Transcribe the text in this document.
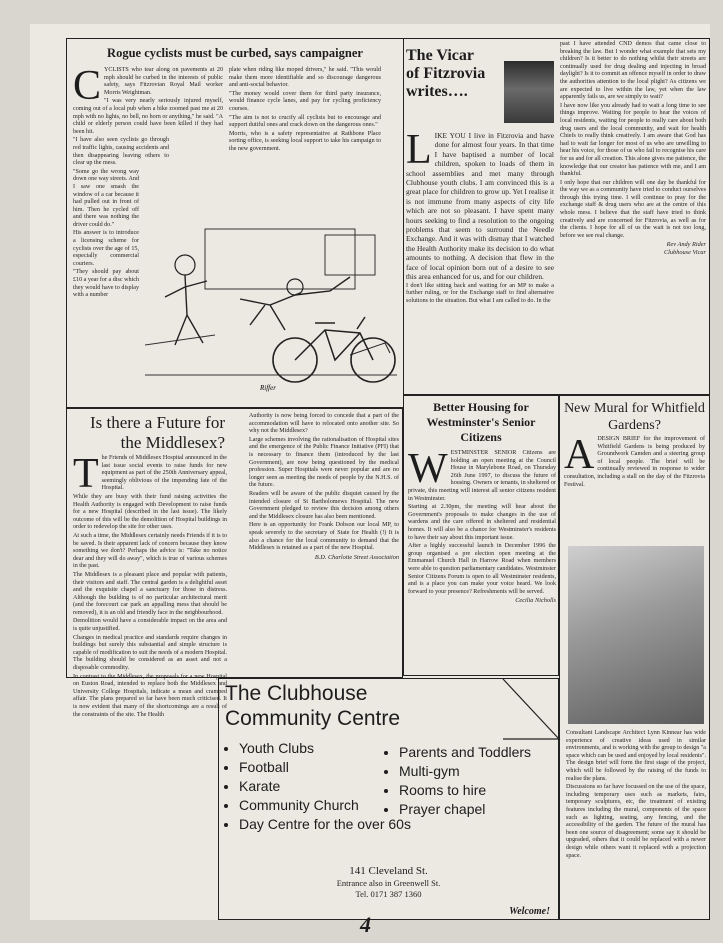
Rogue cyclists must be curbed, says campaigner
C YCLISTS who tear along on pavements at 20 mph should be curbed in the interests of public safety, says Fitzrovian Royal Mail worker Morris Weightman.

"I was very nearly seriously injured myself, coming out of a local pub when a bike zoomed past me at 20 mph with no lights, no bell, no horn or anything," he said. "A child or elderly person could have been killed if they had been hit.

"I have also seen cyclists go through red traffic lights, causing accidents and then disappearing leaving others to clear up the mess.

"Some go the wrong way down one way streets. And I saw one smash the window of a car because it had pulled out in front of him. Then he cycled off and there was nothing the driver could do."

His answer is to introduce a licensing scheme for cyclists over the age of 15, especially commercial couriers.

"They should pay about £10 a year for a disc which they would have to display with a number

plate when riding like moped drivers," he said. "This would make them more identifiable and so discourage dangerous and anti-social behavior.

"The money would cover them for third party insurance, would finance cycle lanes, and pay for cycling proficiency courses.

"The aim is not to crucify all cyclists but to encourage and support dutiful ones and crack down on the dangerous ones."

Morris, who is a safety representative at Rathbone Place sorting office, is seeking local support to take his campaign to the new government.

Riffer
The Vicar
of Fitzrovia
writes….
L IKE YOU I live in Fitzrovia and have done for almost four years. In that time I have baptised a number of local children, spoken to loads of them in school assemblies and met many through Clubhouse youth clubs. I am convinced this is a great place for children to grow up. Yet I realise it is not immune from many aspects of city life which are not so pleasant. I have spent many hours seeking to find a resolution to the ongoing problems that seem to surround the Needle Exchange. And it was with dismay that I watched the Health Authority make its decision to do what amounts to nothing. A decision that flew in the face of local opinion born out of a desire to see this area enhanced for us, and for our children.

I don't like sitting back and waiting for an MP to make a further ruling, or for the Exchange staff to find alternative solutions to the situation. But what I am called to do. In the

past I have attended CND demos that came close to breaking the law. But I wonder what example that sets my children? Is it better to do nothing whilst their streets are continually used for drug dealing and injecting in broad daylight? Is it to commit an offence myself in order to draw the authorities attention to the local plight? As citizens we are expected to live within the law, yet when the law apparently fails us, are we simply to wait?

I have now like you already had to wait a long time to see things improve. Waiting for people to hear the voices of local residents, waiting for people to really care about both drug users and the local community, and wait for health Chiefs to really think creatively. I am aware that God has had to wait far longer for most of us who are unwilling to hear his voice, for those of us who fail to recognise his care for us and for all creation. This alone gives me patience, the knowledge that our creator has patience with me, and I am thankful.

I only hope that our children will one day be thankful for the way we as a community have tried to conduct ourselves through this trying time. I will continue to pray for the exchange staff & drug users who are at the centre of this whole mess. I believe that the staff have tried to think creatively and are concerned for Fitzrovia, as well as for the clients. I hope for all of us the wait is not too long, before we see real change.

Rev Andy Rider

Clubhouse Vicar

Is there a Future for the Middlesex?
T he Friends of Middlesex Hospital announced in the last issue social events to raise funds for new equipment as part of the 250th Anniversary appeal, seemingly oblivious of the impending fate of the Hospital.

While they are busy with their fund raising activities the Health Authority is engaged with Development to raise funds for a new Hospital (described in the last issue). The likely outcome of this will be the demolition of Hospital buildings in order to redevelop the site for other uses.

At such a time, the Middlesex certainly needs Friends if it is to be saved. Is their apparent lack of concern because they know something we don't? Perhaps the advice is: "Take no notice dear and they will do away", which is true of various schemes in the past.

The Middlesex is a pleasant place and popular with patients, their visitors and staff. The central garden is a delightful asset and the exquisite chapel a sanctuary for those in distress. Although the building is of no particular architectural merit (and the forecourt car park an appalling mess that should be removed), it is an old and friendly face in the neighbourhood.

Demolition would have a considerable impact on the area and is quite unjustified.

Changes in medical practice and standards require changes in buildings but surely this substantial and simple structure is capable of modification to suit the needs of a modern Hospital. The building should be considered as an asset and not a disposable commodity.

In contrast to the Middlesex, the proposals for a new Hospital on Euston Road, intended to replace both the Middlesex and University College Hospitals, indicate a mean and cramped affair. The plans prepared so far have been much criticised. It is now evident that many of the shortcomings are a result of the constraints of the site. The Health

Authority is now being forced to concede that a part of the accommodation will have to relocated onto another site. So why not the Middlesex?

Large schemes involving the rationalisation of Hospital sites and the emergence of the Public Finance Initiative (PFI) that is necessary to finance them (introduced by the last Government), are now being questioned by the medical profession. Super Hospitals were never popular and are no longer seen as meeting the needs of people by the N.H.S. of the future.

Readers will be aware of the public disquiet caused by the intended closure of St Bartholomews Hospital. The new Government pledged to review this decision among others and the Middlesex closure has also been mentioned.

Here is an opportunity for Frank Dobson our local MP, to speak severely to the secretary of State for Health (!) It is also a chance for the local community to demand that the Middlesex is retained as a part of the new Hospital.

B.D. Charlotte Street Association

Better Housing for Westminster's Senior Citizens
W ESTMINSTER SENIOR Citizens are holding an open meeting at the Council House in Marylebone Road, on Thursday 26th June 1997, to discuss the future of housing. Owners or tenants, in sheltered or private, this meeting will interest all senior citizens resident in Westminster.

Starting at 2.30pm, the meeting will hear about the Government's proposals to make changes in the use of wardens and the care offered in sheltered and residential homes. It will also be a chance for Westminster's residents to have their say about this important issue.

After a highly successful launch in December 1996 the group organised a pre election open meeting at the Emmanuel Church Hall in Harrow Road when members were able to question parliamentary candidates. Westminster Senior Citizens Forum is open to all Westminster residents, and is a place you can make your voice heard. We look forward to your presence? Refreshments will be served.

Cecilia Nicholls

New Mural for Whitfield Gardens?
A DESIGN BRIEF for the improvement of Whitfield Gardens is being produced by Groundwork Camden and a steering group of local people. The brief will be continually reviewed in response to wider consultation, including a stall on the day of the Fitzrovia Festival.

Consultant Landscape Architect Lynn Kinnear has wide experience of creative ideas used in similar environments, and is working with the group to design "a space which can be used and enjoyed by local residents". The design brief will form the first stage of the project, which will be followed by the raising of the funds to realise the plans.

Discussions so far have focussed on the use of the space, including temporary uses such as markets, fairs, temporary sculptures, etc, the treatment of existing features including the mural, components of the space such as lighting, seating, any fencing, and the accessibility of the garden. The future of the mural has been one source of disagreement; some say it should be upgraded, others that it could be replaced with a newer design while others want it replaced with a projection space.

The Clubhouse
Community Centre
• Youth Clubs
• Football
• Karate
• Community Church
• Day Centre for the over 60s
• Parents and Toddlers
• Multi-gym
• Rooms to hire
• Prayer chapel
141 Cleveland St.
Entrance also in Greenwell St.
Tel. 0171 387 1360
Welcome!
4
